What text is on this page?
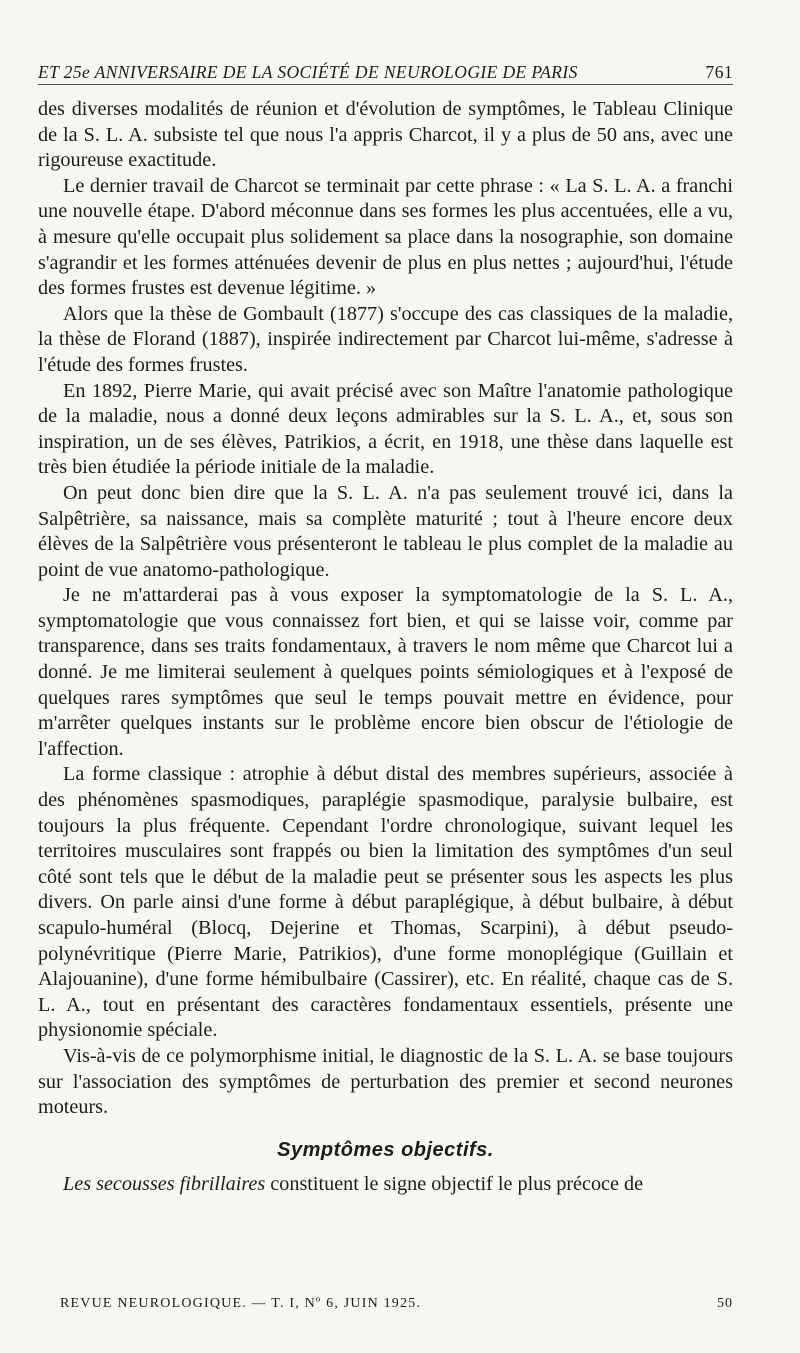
ET 25e ANNIVERSAIRE DE LA SOCIÉTÉ DE NEUROLOGIE DE PARIS	761

des diverses modalités de réunion et d'évolution de symptômes, le Tableau Clinique de la S. L. A. subsiste tel que nous l'a appris Charcot, il y a plus de 50 ans, avec une rigoureuse exactitude.

Le dernier travail de Charcot se terminait par cette phrase : « La S. L. A. a franchi une nouvelle étape. D'abord méconnue dans ses formes les plus accentuées, elle a vu, à mesure qu'elle occupait plus solidement sa place dans la nosographie, son domaine s'agrandir et les formes atténuées devenir de plus en plus nettes ; aujourd'hui, l'étude des formes frustes est devenue légitime. »

Alors que la thèse de Gombault (1877) s'occupe des cas classiques de la maladie, la thèse de Florand (1887), inspirée indirectement par Charcot lui-même, s'adresse à l'étude des formes frustes.

En 1892, Pierre Marie, qui avait précisé avec son Maître l'anatomie pathologique de la maladie, nous a donné deux leçons admirables sur la S. L. A., et, sous son inspiration, un de ses élèves, Patrikios, a écrit, en 1918, une thèse dans laquelle est très bien étudiée la période initiale de la maladie.

On peut donc bien dire que la S. L. A. n'a pas seulement trouvé ici, dans la Salpêtrière, sa naissance, mais sa complète maturité ; tout à l'heure encore deux élèves de la Salpêtrière vous présenteront le tableau le plus complet de la maladie au point de vue anatomo-pathologique.

Je ne m'attarderai pas à vous exposer la symptomatologie de la S. L. A., symptomatologie que vous connaissez fort bien, et qui se laisse voir, comme par transparence, dans ses traits fondamentaux, à travers le nom même que Charcot lui a donné. Je me limiterai seulement à quelques points sémiologiques et à l'exposé de quelques rares symptômes que seul le temps pouvait mettre en évidence, pour m'arrêter quelques instants sur le problème encore bien obscur de l'étiologie de l'affection.

La forme classique : atrophie à début distal des membres supérieurs, associée à des phénomènes spasmodiques, paraplégie spasmodique, paralysie bulbaire, est toujours la plus fréquente. Cependant l'ordre chronologique, suivant lequel les territoires musculaires sont frappés ou bien la limitation des symptômes d'un seul côté sont tels que le début de la maladie peut se présenter sous les aspects les plus divers. On parle ainsi d'une forme à début paraplégique, à début bulbaire, à début scapulo-huméral (Blocq, Dejerine et Thomas, Scarpini), à début pseudo-polynévritique (Pierre Marie, Patrikios), d'une forme monoplégique (Guillain et Alajouanine), d'une forme hémibulbaire (Cassirer), etc. En réalité, chaque cas de S. L. A., tout en présentant des caractères fondamentaux essentiels, présente une physionomie spéciale.

Vis-à-vis de ce polymorphisme initial, le diagnostic de la S. L. A. se base toujours sur l'association des symptômes de perturbation des premier et second neurones moteurs.

Symptômes objectifs.
Les secousses fibrillaires constituent le signe objectif le plus précoce de
REVUE NEUROLOGIQUE. — T. I, Nº 6, JUIN 1925.	50
